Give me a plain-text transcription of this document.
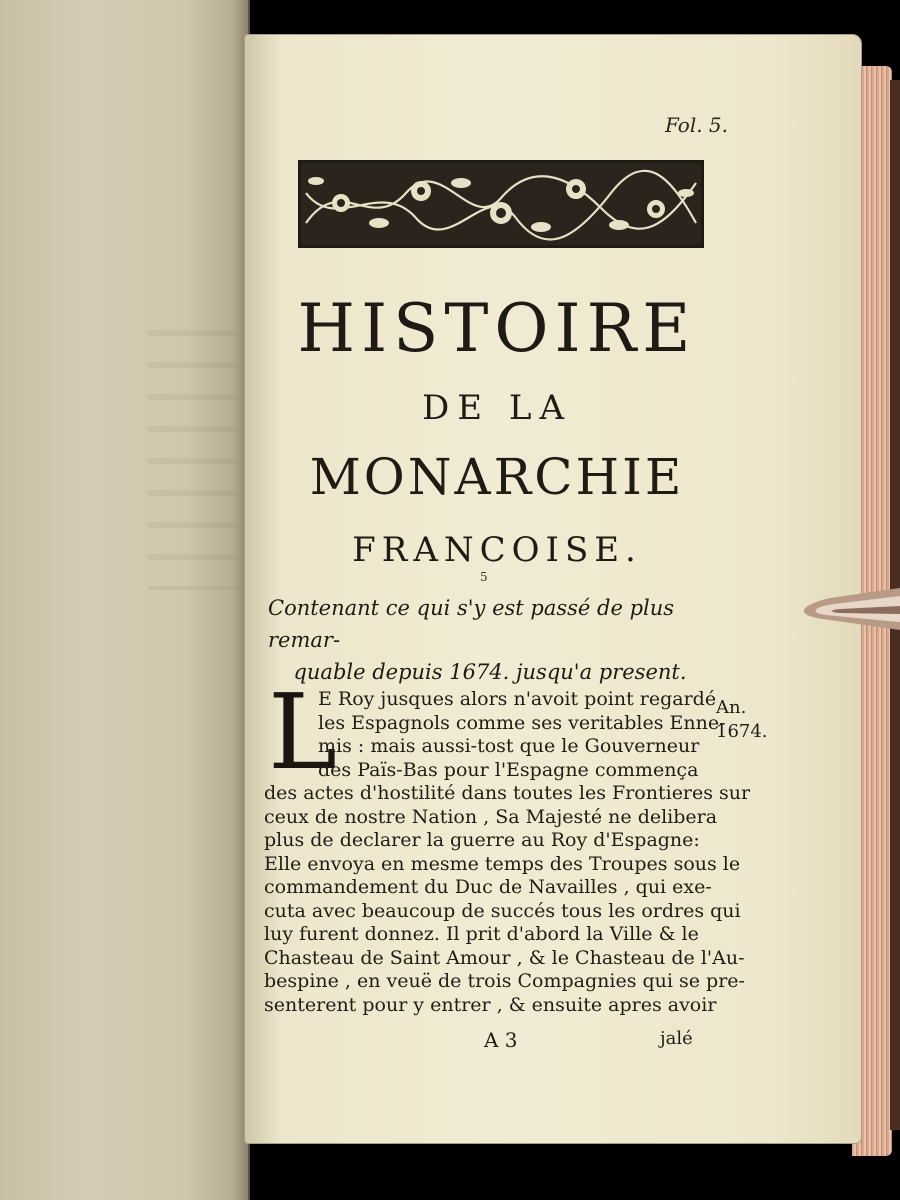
Fol. 5.
HISTOIRE
DE LA
MONARCHIE
FRANCOISE.
5
Contenant ce qui s'y est passé de plus remar-
quable depuis 1674. jusqu'a present.
L
E Roy jusques alors n'avoit point regardé
les Espagnols comme ses veritables Enne-
mis : mais aussi-tost que le Gouverneur
des Païs-Bas pour l'Espagne commença
des actes d'hostilité dans toutes les Frontieres sur
ceux de nostre Nation , Sa Majesté ne delibera
plus de declarer la guerre au Roy d'Espagne:
Elle envoya en mesme temps des Troupes sous le
commandement du Duc de Navailles , qui exe-
cuta avec beaucoup de succés tous les ordres qui
luy furent donnez. Il prit d'abord la Ville & le
Chasteau de Saint Amour , & le Chasteau de l'Au-
bespine , en veuë de trois Compagnies qui se pre-
senterent pour y entrer , & ensuite apres avoir
An.
1674.
A 3	jalé
